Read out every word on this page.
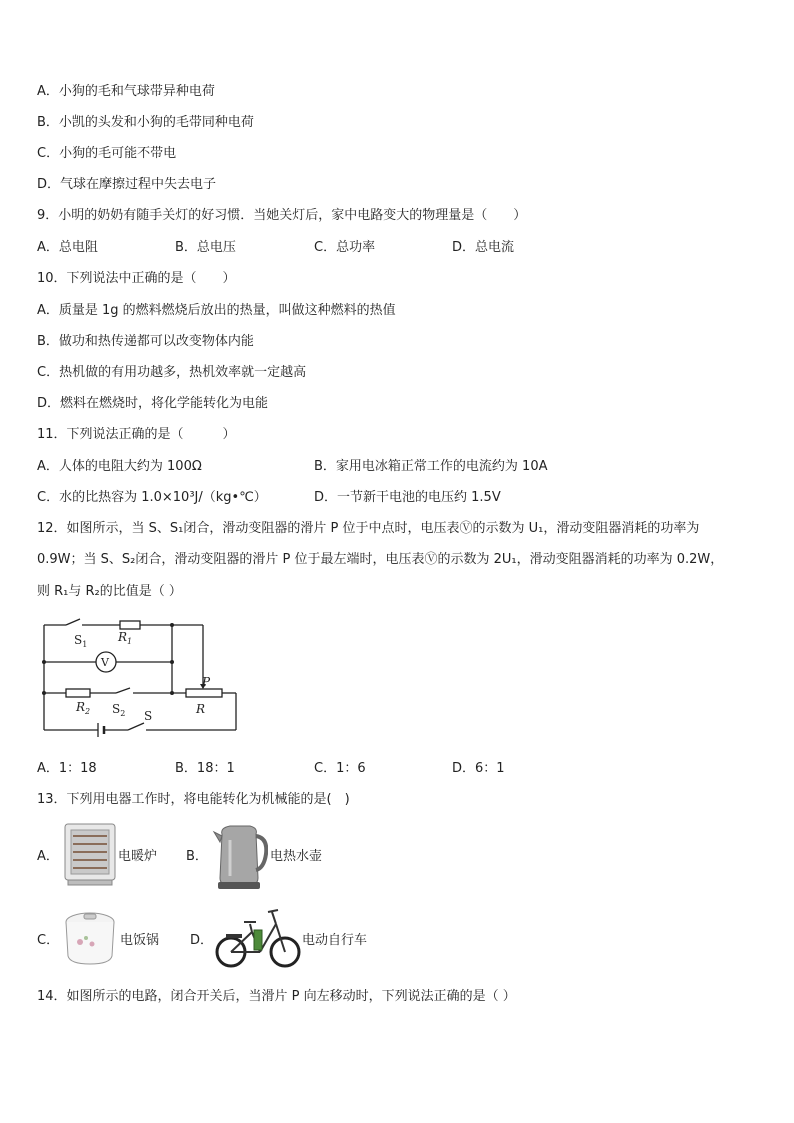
A．小狗的毛和气球带异种电荷
B．小凯的头发和小狗的毛带同种电荷
C．小狗的毛可能不带电
D．气球在摩擦过程中失去电子
9．小明的奶奶有随手关灯的好习惯．当她关灯后，家中电路变大的物理量是（　　）
A．总电阻	B．总电压	C．总功率	D．总电流
10．下列说法中正确的是（　　）
A．质量是 1g 的燃料燃烧后放出的热量，叫做这种燃料的热值
B．做功和热传递都可以改变物体内能
C．热机做的有用功越多，热机效率就一定越高
D．燃料在燃烧时，将化学能转化为电能
11．下列说法正确的是（　　　）
A．人体的电阻大约为 100Ω	B．家用电冰箱正常工作的电流约为 10A
C．水的比热容为 1.0×10³J/（kg•℃）	D．一节新干电池的电压约 1.5V
12．如图所示，当 S、S₁闭合，滑动变阻器的滑片 P 位于中点时，电压表Ⓥ的示数为 U₁，滑动变阻器消耗的功率为
0.9W；当 S、S₂闭合，滑动变阻器的滑片 P 位于最左端时，电压表Ⓥ的示数为 2U₁，滑动变阻器消耗的功率为 0.2W，
则 R₁与 R₂的比值是（ ）
$S_1$
$R_1$
V
P
$R_2$ $S_2$	R
S
A．1：18	B．18：1	C．1：6	D．6：1
13．下列用电器工作时，将电能转化为机械能的是(　)
A．	电暖炉 B．	电热水壶
C．	电饭锅 D．	电动自行车
14．如图所示的电路，闭合开关后，当滑片 P 向左移动时，下列说法正确的是（ ）
